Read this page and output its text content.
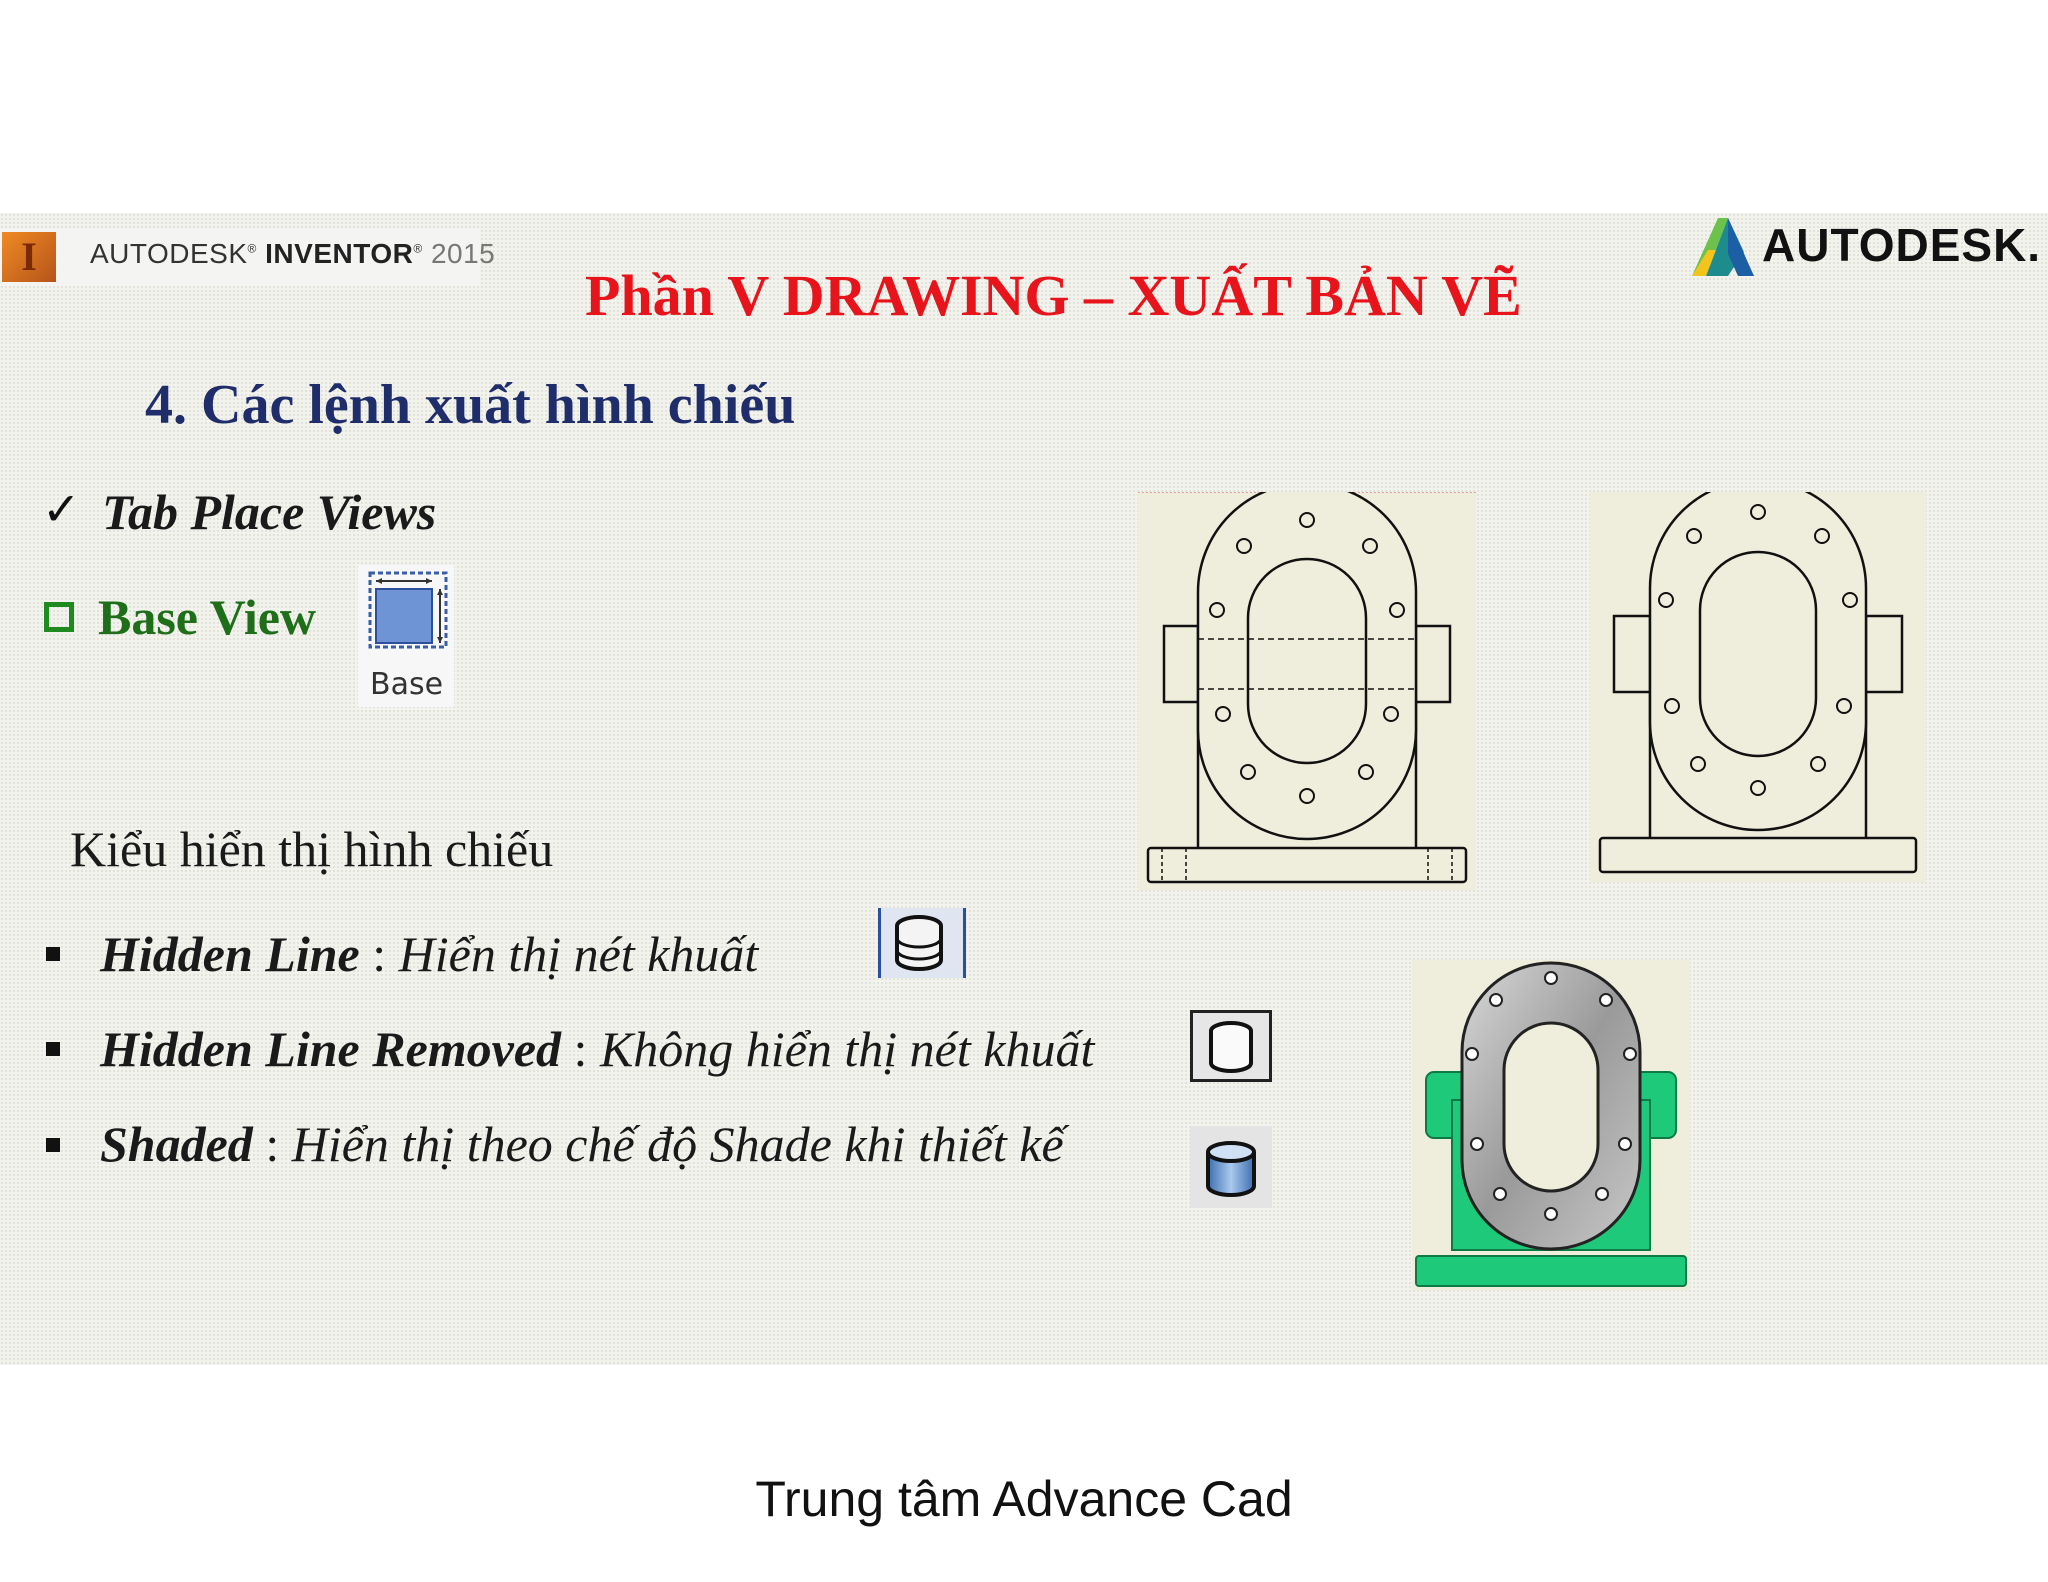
I	AUTODESK® INVENTOR® 2015	AUTODESK.
Phần V DRAWING – XUẤT BẢN VẼ
4. Các lệnh xuất hình chiếu
✓ Tab Place Views
Base View
Base
Kiểu hiển thị hình chiếu
Hidden Line : Hiển thị nét khuất
Hidden Line Removed : Không hiển thị nét khuất
Shaded : Hiển thị theo chế độ Shade khi thiết kế
Trung tâm Advance Cad
